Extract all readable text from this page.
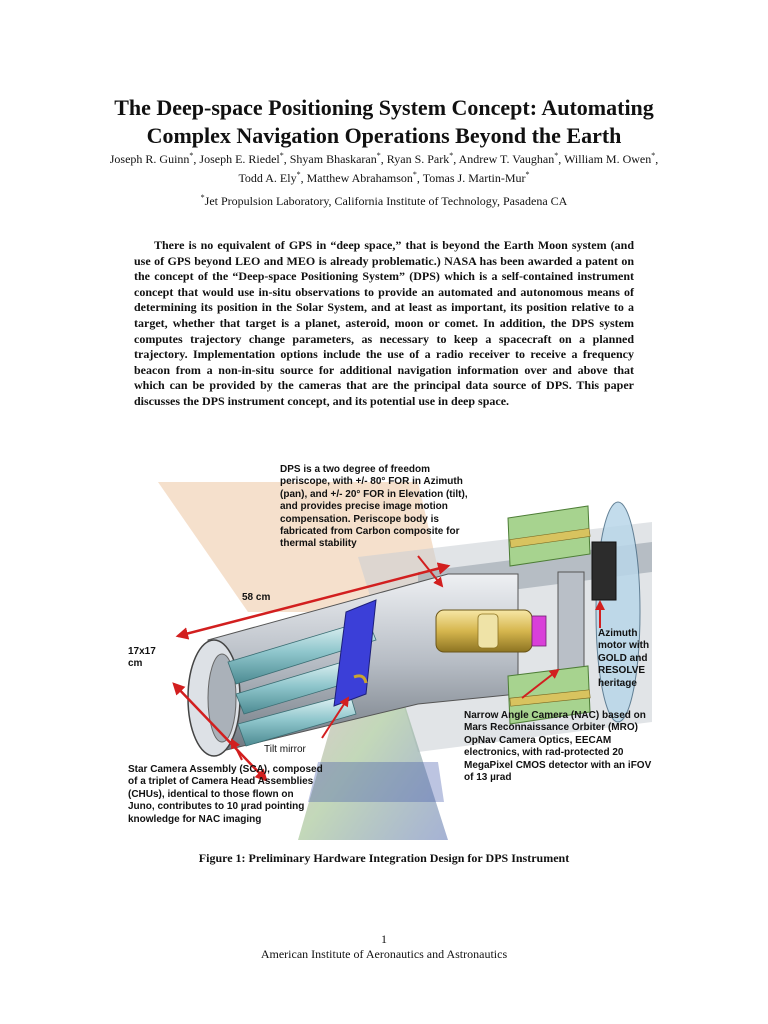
The Deep-space Positioning System Concept: Automating
Complex Navigation Operations Beyond the Earth
Joseph R. Guinn*, Joseph E. Riedel*, Shyam Bhaskaran*, Ryan S. Park*, Andrew T. Vaughan*, William M. Owen*,
Todd A. Ely*, Matthew Abrahamson*, Tomas J. Martin-Mur*
*Jet Propulsion Laboratory, California Institute of Technology, Pasadena CA

There is no equivalent of GPS in “deep space,” that is beyond the Earth Moon system (and use of GPS beyond LEO and MEO is already problematic.) NASA has been awarded a patent on the concept of the “Deep-space Positioning System” (DPS) which is a self-contained instrument concept that would use in-situ observations to provide an automated and autonomous means of determining its position in the Solar System, and at least as important, its position relative to a target, whether that target is a planet, asteroid, moon or comet. In addition, the DPS system computes trajectory change parameters, as necessary to keep a spacecraft on a planned trajectory. Implementation options include the use of a radio receiver to receive a frequency beacon from a non-in-situ source for additional navigation information over and above that which can be provided by the cameras that are the principal data source of DPS. This paper discusses the DPS instrument concept, and its potential use in deep space.

DPS is a two degree of freedom
periscope, with +/- 80° FOR in Azimuth
(pan), and +/- 20° FOR in Elevation (tilt),
and provides precise image motion
compensation. Periscope body is
fabricated from Carbon composite for
thermal stability
58 cm
17x17
cm
Azimuth
motor with
GOLD and
RESOLVE
heritage
Narrow Angle Camera (NAC) based on
Mars Reconnaissance Orbiter (MRO)
OpNav Camera Optics, EECAM
electronics, with rad-protected 20
MegaPixel CMOS detector with an iFOV
of 13 µrad
Tilt mirror
Star Camera Assembly (SCA), composed
of a triplet of Camera Head Assemblies
(CHUs), identical to those flown on
Juno, contributes to 10 µrad pointing
knowledge for NAC imaging
Figure 1: Preliminary Hardware Integration Design for DPS Instrument
1
American Institute of Aeronautics and Astronautics
